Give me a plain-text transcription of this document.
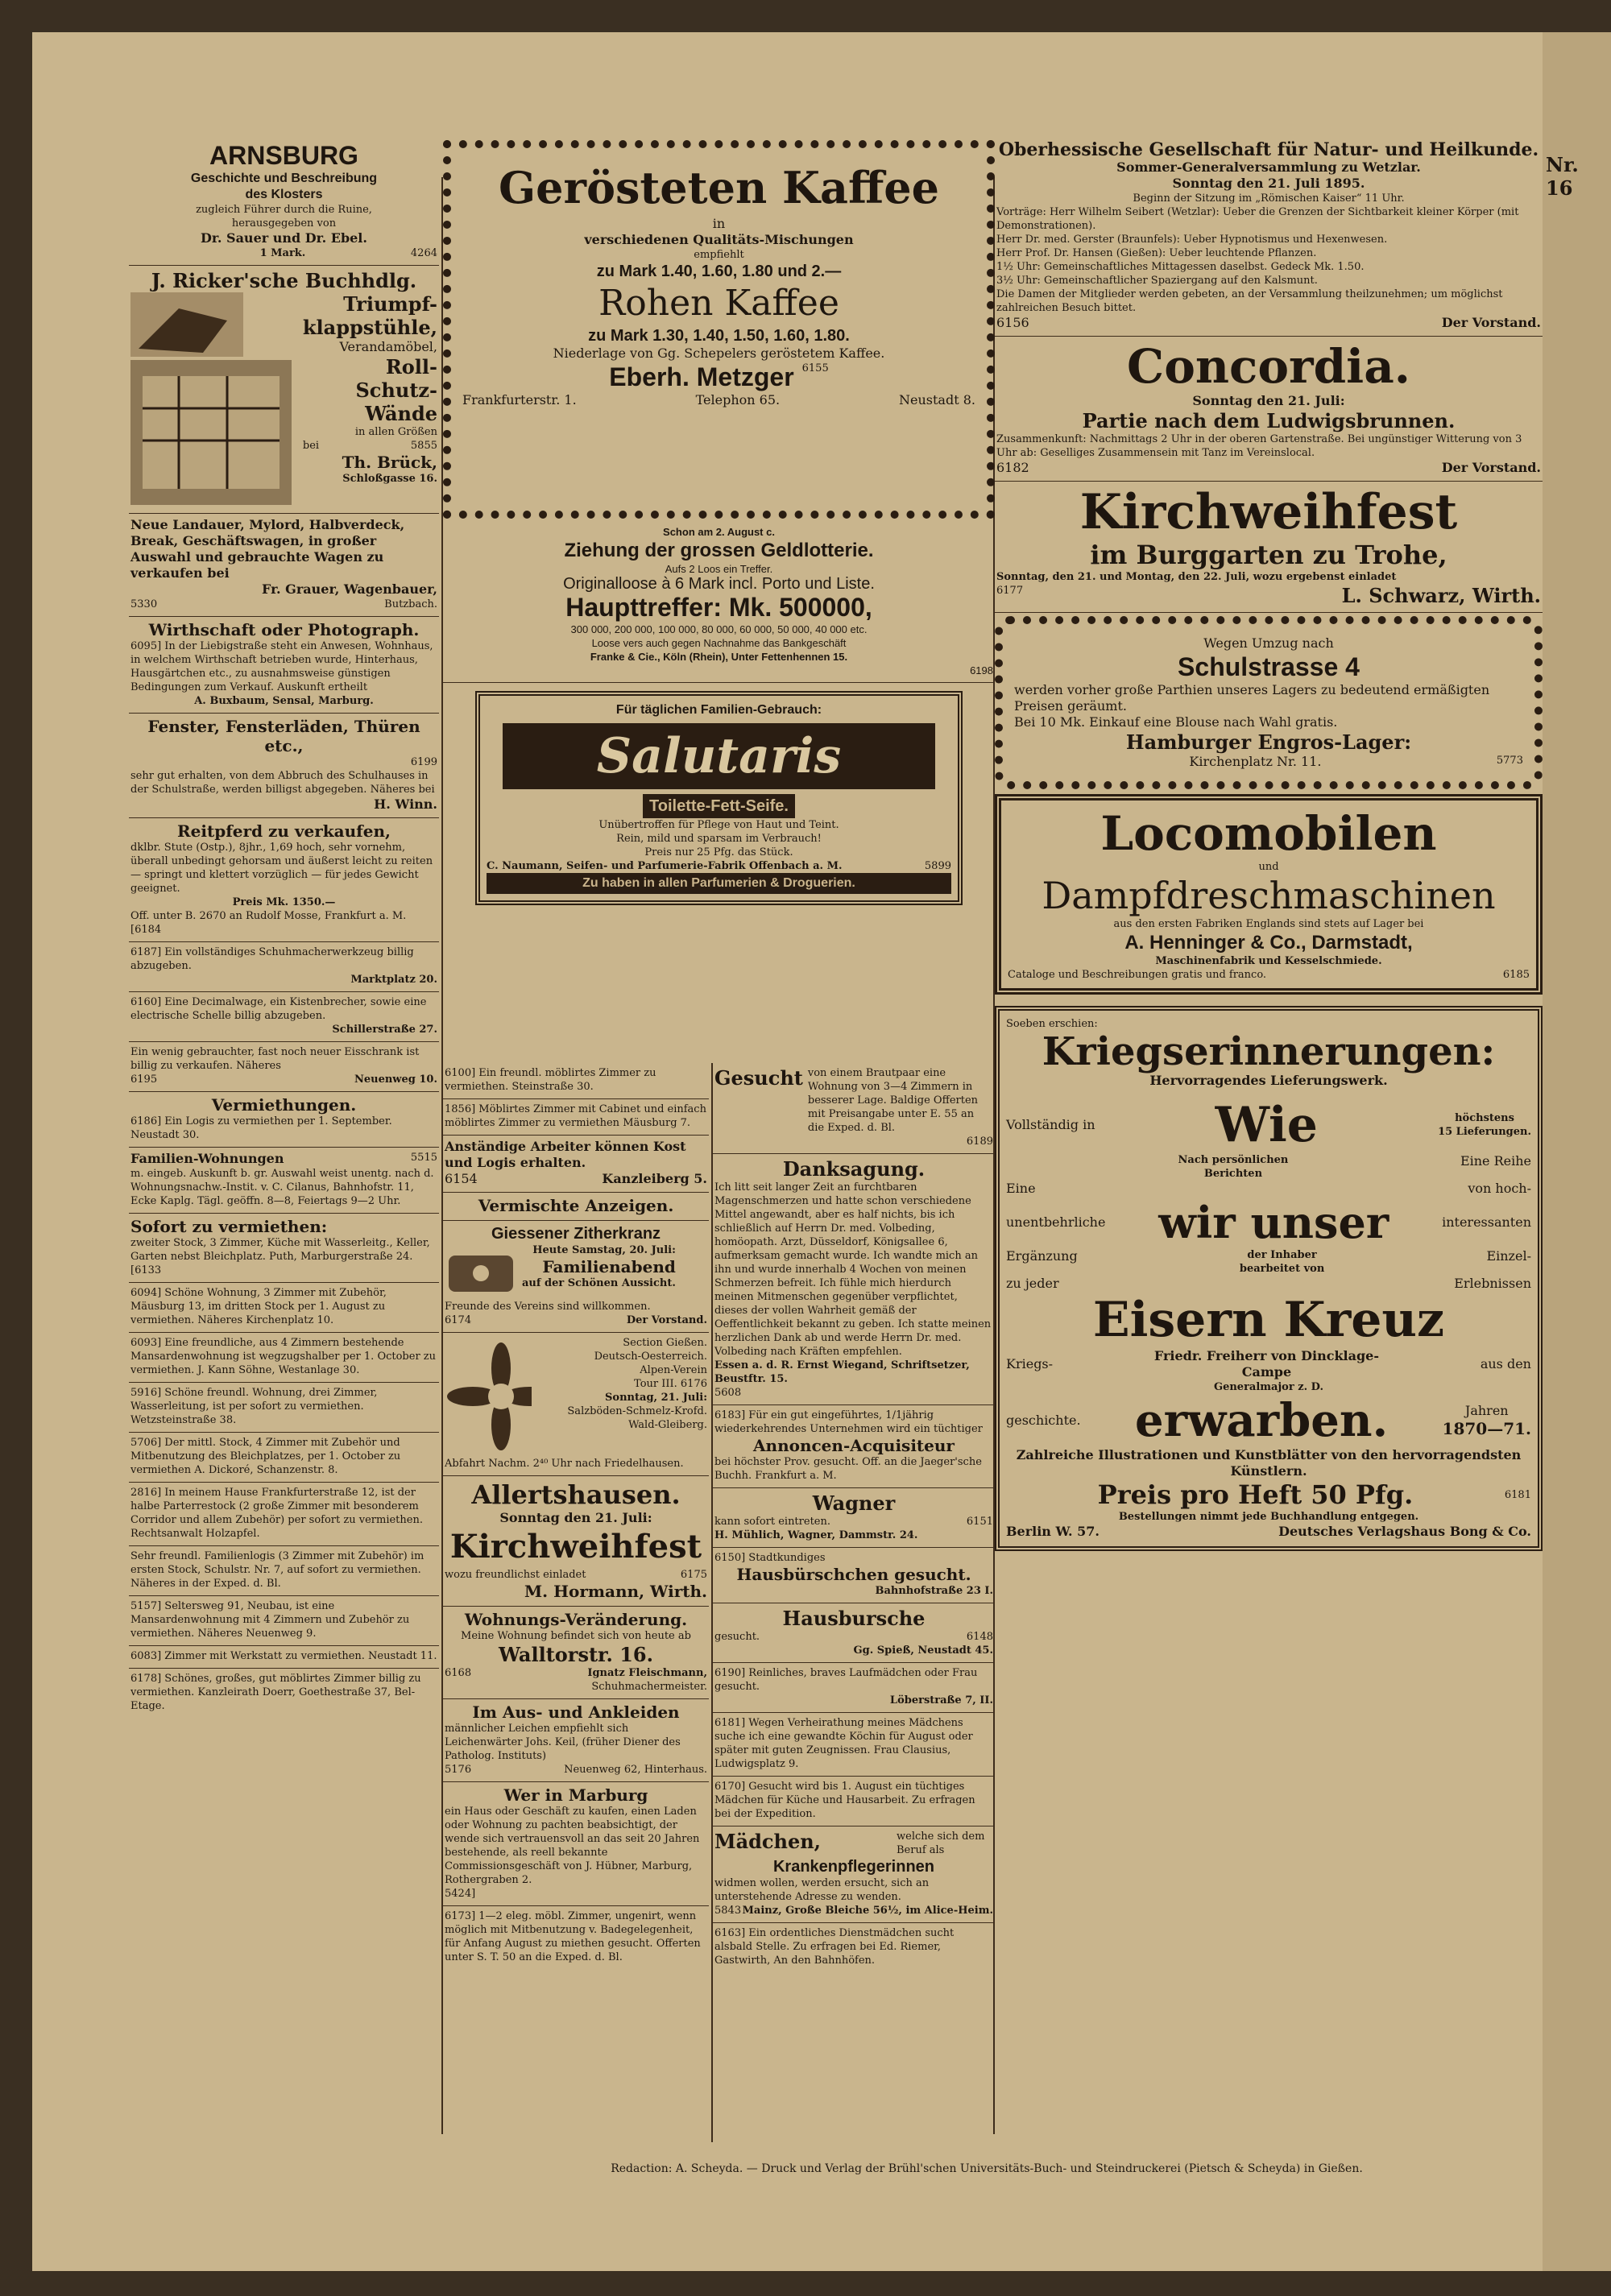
ARNSBURG
Geschichte und Beschreibung
des Klosters
zugleich Führer durch die Ruine,
herausgegeben von
Dr. Sauer und Dr. Ebel.
1 Mark.	4264
J. Ricker'sche Buchhdlg.

Triumpf-
klappstühle,
Verandamöbel,
Roll-
Schutz-
Wände
in allen Größen
bei	5855
Th. Brück,
Schloßgasse 16.
Neue Landauer, Mylord, Halbverdeck, Break, Geschäftswagen, in großer Auswahl und gebrauchte Wagen zu verkaufen bei
Fr. Grauer, Wagenbauer,
5330	Butzbach.
Wirthschaft oder Photograph.
6095] In der Liebigstraße steht ein Anwesen, Wohnhaus, in welchem Wirthschaft betrieben wurde, Hinterhaus, Hausgärtchen etc., zu ausnahmsweise günstigen Bedingungen zum Verkauf. Auskunft ertheilt
A. Buxbaum, Sensal, Marburg.
Fenster, Fensterläden, Thüren etc.,
6199
sehr gut erhalten, von dem Abbruch des Schulhauses in der Schulstraße, werden billigst abgegeben. Näheres bei
H. Winn.
Reitpferd zu verkaufen,
dklbr. Stute (Ostp.), 8jhr., 1,69 hoch, sehr vornehm, überall unbedingt gehorsam und äußerst leicht zu reiten — springt und klettert vorzüglich — für jedes Gewicht geeignet.
Preis Mk. 1350.—
Off. unter B. 2670 an Rudolf Mosse, Frankfurt a. M. [6184
6187] Ein vollständiges Schuhmacherwerkzeug billig abzugeben.
Marktplatz 20.
6160] Eine Decimalwage, ein Kistenbrecher, sowie eine electrische Schelle billig abzugeben.
Schillerstraße 27.
Ein wenig gebrauchter, fast noch neuer Eisschrank ist billig zu verkaufen. Näheres
6195	Neuenweg 10.
Vermiethungen.
6186] Ein Logis zu vermiethen per 1. September. Neustadt 30.
Familien-Wohnungen	5515
m. eingeb. Auskunft b. gr. Auswahl weist unentg. nach d. Wohnungsnachw.-Instit. v. C. Cilanus, Bahnhofstr. 11, Ecke Kaplg. Tägl. geöffn. 8—8, Feiertags 9—2 Uhr.
Sofort zu vermiethen:
zweiter Stock, 3 Zimmer, Küche mit Wasserleitg., Keller, Garten nebst Bleichplatz. Puth, Marburgerstraße 24. [6133
6094] Schöne Wohnung, 3 Zimmer mit Zubehör, Mäusburg 13, im dritten Stock per 1. August zu vermiethen. Näheres Kirchenplatz 10.
6093] Eine freundliche, aus 4 Zimmern bestehende Mansardenwohnung ist wegzugshalber per 1. October zu vermiethen. J. Kann Söhne, Westanlage 30.
5916] Schöne freundl. Wohnung, drei Zimmer, Wasserleitung, ist per sofort zu vermiethen. Wetzsteinstraße 38.
5706] Der mittl. Stock, 4 Zimmer mit Zubehör und Mitbenutzung des Bleichplatzes, per 1. October zu vermiethen A. Dickoré, Schanzenstr. 8.
2816] In meinem Hause Frankfurterstraße 12, ist der halbe Parterrestock (2 große Zimmer mit besonderem Corridor und allem Zubehör) per sofort zu vermiethen. Rechtsanwalt Holzapfel.
Sehr freundl. Familienlogis (3 Zimmer mit Zubehör) im ersten Stock, Schulstr. Nr. 7, auf sofort zu vermiethen. Näheres in der Exped. d. Bl.
5157] Seltersweg 91, Neubau, ist eine Mansardenwohnung mit 4 Zimmern und Zubehör zu vermiethen. Näheres Neuenweg 9.
6083] Zimmer mit Werkstatt zu vermiethen. Neustadt 11.
6178] Schönes, großes, gut möblirtes Zimmer billig zu vermiethen. Kanzleirath Doerr, Goethestraße 37, Bel-Etage.
Gerösteten Kaffee
in
verschiedenen Qualitäts-Mischungen
empfiehlt
zu Mark 1.40, 1.60, 1.80 und 2.—
Rohen Kaffee
zu Mark 1.30, 1.40, 1.50, 1.60, 1.80.
Niederlage von Gg. Schepelers geröstetem Kaffee.
Eberh. Metzger 6155
Frankfurterstr. 1.	Telephon 65.	Neustadt 8.
Schon am 2. August c.
Ziehung der grossen Geldlotterie.
Aufs 2 Loos ein Treffer.
Originalloose à 6 Mark incl. Porto und Liste.
Haupttreffer: Mk. 500000,
300 000, 200 000, 100 000, 80 000, 60 000, 50 000, 40 000 etc.
Loose vers auch gegen Nachnahme das Bankgeschäft
Franke & Cie., Köln (Rhein), Unter Fettenhennen 15.
6198
Für täglichen Familien-Gebrauch:
Salutaris
Toilette-Fett-Seife.
Unübertroffen für Pflege von Haut und Teint.
Rein, mild und sparsam im Verbrauch!
Preis nur 25 Pfg. das Stück.
C. Naumann, Seifen- und Parfumerie-Fabrik Offenbach a. M.	5899
Zu haben in allen Parfumerien & Droguerien.
6100] Ein freundl. möblirtes Zimmer zu vermiethen. Steinstraße 30.
1856] Möblirtes Zimmer mit Cabinet und einfach möblirtes Zimmer zu vermiethen Mäusburg 7.
Anständige Arbeiter können Kost und Logis erhalten.
6154	Kanzleiberg 5.
Vermischte Anzeigen.
Giessener Zitherkranz
Heute Samstag, 20. Juli:
Familienabend
auf der Schönen Aussicht.
Freunde des Vereins sind willkommen.
6174	Der Vorstand.
Section Gießen.
Deutsch-Oesterreich.
Alpen-Verein
Tour III. 6176
Sonntag, 21. Juli:
Salzböden-Schmelz-Krofd. Wald-Gleiberg.
Abfahrt Nachm. 2⁴⁰ Uhr nach Friedelhausen.
Allertshausen.
Sonntag den 21. Juli:
Kirchweihfest
wozu freundlichst einladet	6175
M. Hormann, Wirth.
Wohnungs-Veränderung.
Meine Wohnung befindet sich von heute ab
Walltorstr. 16.
6168	Ignatz Fleischmann,
Schuhmachermeister.
Im Aus- und Ankleiden
männlicher Leichen empfiehlt sich Leichenwärter Johs. Keil, (früher Diener des Patholog. Instituts)
5176	Neuenweg 62, Hinterhaus.
Wer in Marburg
ein Haus oder Geschäft zu kaufen, einen Laden oder Wohnung zu pachten beabsichtigt, der wende sich vertrauensvoll an das seit 20 Jahren bestehende, als reell bekannte Commissionsgeschäft von J. Hübner, Marburg, Rothergraben 2.
5424]
6173] 1—2 eleg. möbl. Zimmer, ungenirt, wenn möglich mit Mitbenutzung v. Badegelegenheit, für Anfang August zu miethen gesucht. Offerten unter S. T. 50 an die Exped. d. Bl.
Gesucht von einem Brautpaar eine Wohnung von 3—4 Zimmern in besserer Lage. Baldige Offerten mit Preisangabe unter E. 55 an die Exped. d. Bl.
6189
Danksagung.
Ich litt seit langer Zeit an furchtbaren Magenschmerzen und hatte schon verschiedene Mittel angewandt, aber es half nichts, bis ich schließlich auf Herrn Dr. med. Volbeding, homöopath. Arzt, Düsseldorf, Königsallee 6, aufmerksam gemacht wurde. Ich wandte mich an ihn und wurde innerhalb 4 Wochen von meinen Schmerzen befreit. Ich fühle mich hierdurch meinen Mitmenschen gegenüber verpflichtet, dieses der vollen Wahrheit gemäß der Oeffentlichkeit bekannt zu geben. Ich statte meinen herzlichen Dank ab und werde Herrn Dr. med. Volbeding nach Kräften empfehlen.
Essen a. d. R. Ernst Wiegand, Schriftsetzer, Beustftr. 15.
5608
6183] Für ein gut eingeführtes, 1/1jährig wiederkehrendes Unternehmen wird ein tüchtiger
Annoncen-Acquisiteur
bei höchster Prov. gesucht. Off. an die Jaeger'sche Buchh. Frankfurt a. M.
Wagner
kann sofort eintreten.	6151
H. Mühlich, Wagner, Dammstr. 24.
6150] Stadtkundiges
Hausbürschchen gesucht.
Bahnhofstraße 23 I.
Hausbursche
gesucht.	6148
Gg. Spieß, Neustadt 45.
6190] Reinliches, braves Laufmädchen oder Frau gesucht.
Löberstraße 7, II.
6181] Wegen Verheirathung meines Mädchens suche ich eine gewandte Köchin für August oder später mit guten Zeugnissen. Frau Clausius, Ludwigsplatz 9.
6170] Gesucht wird bis 1. August ein tüchtiges Mädchen für Küche und Hausarbeit. Zu erfragen bei der Expedition.
Mädchen,	welche sich dem Beruf als
Krankenpflegerinnen
widmen wollen, werden ersucht, sich an unterstehende Adresse zu wenden.
5843 Mainz, Große Bleiche 56½, im Alice-Heim.
6163] Ein ordentliches Dienstmädchen sucht alsbald Stelle. Zu erfragen bei Ed. Riemer, Gastwirth, An den Bahnhöfen.
Oberhessische Gesellschaft für Natur- und Heilkunde.
Sommer-Generalversammlung zu Wetzlar.
Sonntag den 21. Juli 1895.
Beginn der Sitzung im „Römischen Kaiser“ 11 Uhr.
Vorträge: Herr Wilhelm Seibert (Wetzlar): Ueber die Grenzen der Sichtbarkeit kleiner Körper (mit Demonstrationen).
Herr Dr. med. Gerster (Braunfels): Ueber Hypnotismus und Hexenwesen.
Herr Prof. Dr. Hansen (Gießen): Ueber leuchtende Pflanzen.
1½ Uhr: Gemeinschaftliches Mittagessen daselbst. Gedeck Mk. 1.50.
3½ Uhr: Gemeinschaftlicher Spaziergang auf den Kalsmunt.
Die Damen der Mitglieder werden gebeten, an der Versammlung theilzunehmen; um möglichst zahlreichen Besuch bittet.
6156	Der Vorstand.
Concordia.
Sonntag den 21. Juli:
Partie nach dem Ludwigsbrunnen.
Zusammenkunft: Nachmittags 2 Uhr in der oberen Gartenstraße. Bei ungünstiger Witterung von 3 Uhr ab: Geselliges Zusammensein mit Tanz im Vereinslocal.
6182	Der Vorstand.
Kirchweihfest
im Burggarten zu Trohe,
Sonntag, den 21. und Montag, den 22. Juli, wozu ergebenst einladet
6177	L. Schwarz, Wirth.
Wegen Umzug nach
Schulstrasse 4
werden vorher große Parthien unseres Lagers zu bedeutend ermäßigten Preisen geräumt.
Bei 10 Mk. Einkauf eine Blouse nach Wahl gratis.
Hamburger Engros-Lager:
Kirchenplatz Nr. 11.	5773
Locomobilen
und
Dampfdreschmaschinen
aus den ersten Fabriken Englands sind stets auf Lager bei
A. Henninger & Co., Darmstadt,
Maschinenfabrik und Kesselschmiede.
Cataloge und Beschreibungen gratis und franco.	6185
Soeben erschien:
Kriegserinnerungen:
Hervorragendes Lieferungswerk.
Vollständig in Wie	höchstens
15 Lieferungen.
Nach persönlichen Berichten
Eine Reihe
Eine	von hoch-
unentbehrliche wir unser	interessanten
Ergänzung	der Inhaber bearbeitet von
Einzel-
zu jeder	Erlebnissen
Eisern Kreuz
Kriegs-
Friedr. Freiherr von Dincklage-Campe
aus den
Generalmajor z. D.
geschichte. erwarben.	Jahren
1870—71.
Zahlreiche Illustrationen und Kunstblätter von den hervorragendsten Künstlern.
Preis pro Heft 50 Pfg.	6181
Bestellungen nimmt jede Buchhandlung entgegen.
Berlin W. 57.	Deutsches Verlagshaus Bong & Co.
Redaction: A. Scheyda. — Druck und Verlag der Brühl'schen Universitäts-Buch- und Steindruckerei (Pietsch & Scheyda) in Gießen.
Nr. 16
